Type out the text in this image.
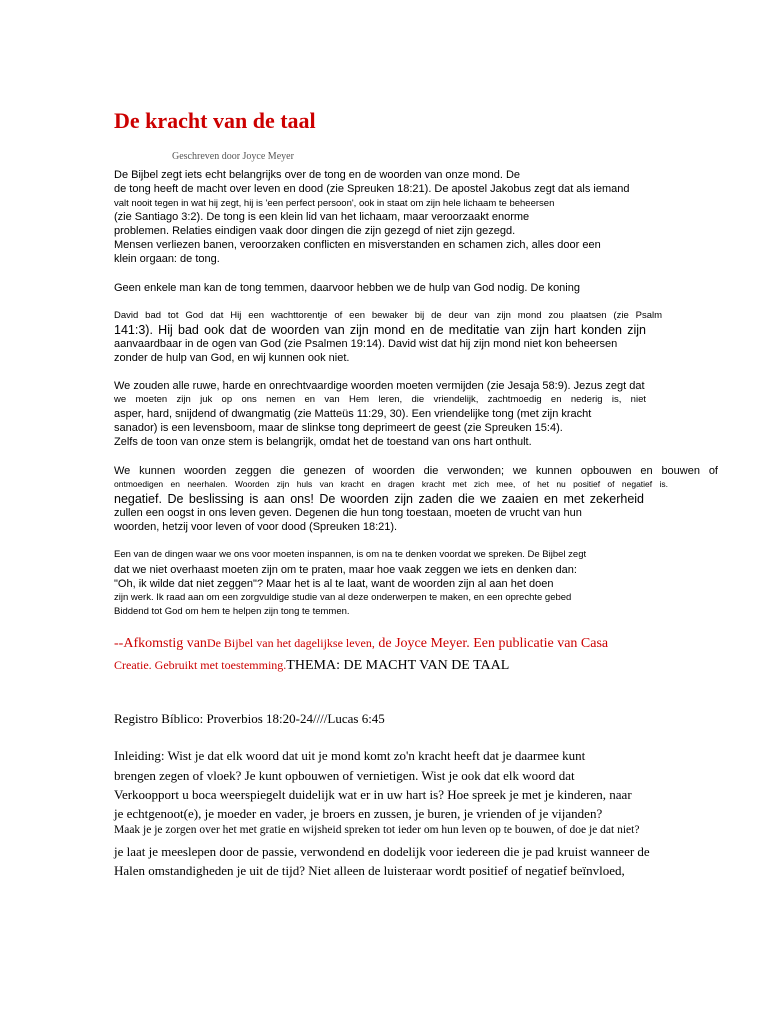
De kracht van de taal
Geschreven door Joyce Meyer
De Bijbel zegt iets echt belangrijks over de tong en de woorden van onze mond. De
de tong heeft de macht over leven en dood (zie Spreuken 18:21). De apostel Jakobus zegt dat als iemand
valt nooit tegen in wat hij zegt, hij is 'een perfect persoon', ook in staat om zijn hele lichaam te beheersen
(zie Santiago 3:2). De tong is een klein lid van het lichaam, maar veroorzaakt enorme
problemen. Relaties eindigen vaak door dingen die zijn gezegd of niet zijn gezegd.
Mensen verliezen banen, veroorzaken conflicten en misverstanden en schamen zich, alles door een
klein orgaan: de tong.
Geen enkele man kan de tong temmen, daarvoor hebben we de hulp van God nodig. De koning
David bad tot God dat Hij een wachttorentje of een bewaker bij de deur van zijn mond zou plaatsen (zie Psalm
141:3). Hij bad ook dat de woorden van zijn mond en de meditatie van zijn hart konden zijn
aanvaardbaar in de ogen van God (zie Psalmen 19:14). David wist dat hij zijn mond niet kon beheersen
zonder de hulp van God, en wij kunnen ook niet.
We zouden alle ruwe, harde en onrechtvaardige woorden moeten vermijden (zie Jesaja 58:9). Jezus zegt dat
we moeten zijn juk op ons nemen en van Hem leren, die vriendelijk, zachtmoedig en nederig is, niet
asper, hard, snijdend of dwangmatig (zie Matteüs 11:29, 30). Een vriendelijke tong (met zijn kracht
sanador) is een levensboom, maar de slinkse tong deprimeert de geest (zie Spreuken 15:4).
Zelfs de toon van onze stem is belangrijk, omdat het de toestand van ons hart onthult.
We kunnen woorden zeggen die genezen of woorden die verwonden; we kunnen opbouwen en bouwen of
ontmoedigen en neerhalen. Woorden zijn huls van kracht en dragen kracht met zich mee, of het nu positief of negatief is.
negatief. De beslissing is aan ons! De woorden zijn zaden die we zaaien en met zekerheid
zullen een oogst in ons leven geven. Degenen die hun tong toestaan, moeten de vrucht van hun
woorden, hetzij voor leven of voor dood (Spreuken 18:21).
Een van de dingen waar we ons voor moeten inspannen, is om na te denken voordat we spreken. De Bijbel zegt
dat we niet overhaast moeten zijn om te praten, maar hoe vaak zeggen we iets en denken dan:
"Oh, ik wilde dat niet zeggen"? Maar het is al te laat, want de woorden zijn al aan het doen
zijn werk. Ik raad aan om een zorgvuldige studie van al deze onderwerpen te maken, en een oprechte gebed
Biddend tot God om hem te helpen zijn tong te temmen.
--Afkomstig vanDe Bijbel van het dagelijkse leven, de Joyce Meyer. Een publicatie van Casa
Creatie. Gebruikt met toestemming.THEMA: DE MACHT VAN DE TAAL
Registro Bíblico: Proverbios 18:20-24////Lucas 6:45
Inleiding: Wist je dat elk woord dat uit je mond komt zo'n kracht heeft dat je daarmee kunt
brengen zegen of vloek? Je kunt opbouwen of vernietigen. Wist je ook dat elk woord dat
Verkoopport u boca weerspiegelt duidelijk wat er in uw hart is? Hoe spreek je met je kinderen, naar
je echtgenoot(e), je moeder en vader, je broers en zussen, je buren, je vrienden of je vijanden?
Maak je je zorgen over het met gratie en wijsheid spreken tot ieder om hun leven op te bouwen, of doe je dat niet?
je laat je meeslepen door de passie, verwondend en dodelijk voor iedereen die je pad kruist wanneer de
Halen omstandigheden je uit de tijd? Niet alleen de luisteraar wordt positief of negatief beïnvloed,
